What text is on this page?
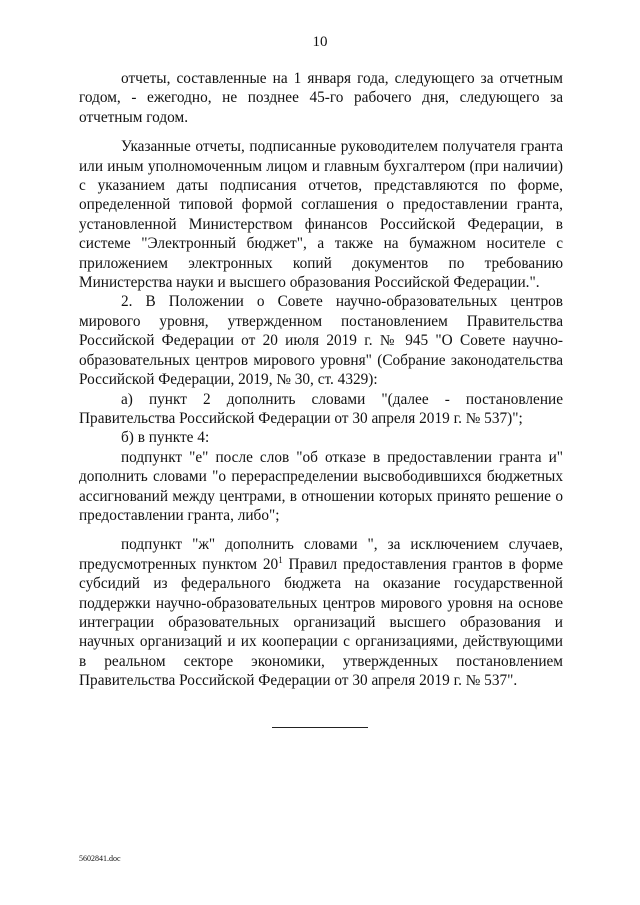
10

отчеты, составленные на 1 января года, следующего за отчетным годом, - ежегодно, не позднее 45-го рабочего дня, следующего за отчетным годом.

Указанные отчеты, подписанные руководителем получателя гранта или иным уполномоченным лицом и главным бухгалтером (при наличии) с указанием даты подписания отчетов, представляются по форме, определенной типовой формой соглашения о предоставлении гранта, установленной Министерством финансов Российской Федерации, в системе "Электронный бюджет", а также на бумажном носителе с приложением электронных копий документов по требованию Министерства науки и высшего образования Российской Федерации.".

2. В Положении о Совете научно-образовательных центров мирового уровня, утвержденном постановлением Правительства Российской Федерации от 20 июля 2019 г. № 945 "О Совете научно-образовательных центров мирового уровня" (Собрание законодательства Российской Федерации, 2019, № 30, ст. 4329):

а) пункт 2 дополнить словами "(далее - постановление Правительства Российской Федерации от 30 апреля 2019 г. № 537)";

б) в пункте 4:

подпункт "е" после слов "об отказе в предоставлении гранта и" дополнить словами "о перераспределении высвободившихся бюджетных ассигнований между центрами, в отношении которых принято решение о предоставлении гранта, либо";

подпункт "ж" дополнить словами ", за исключением случаев, предусмотренных пунктом $20^1$ Правил предоставления грантов в форме субсидий из федерального бюджета на оказание государственной поддержки научно-образовательных центров мирового уровня на основе интеграции образовательных организаций высшего образования и научных организаций и их кооперации с организациями, действующими в реальном секторе экономики, утвержденных постановлением Правительства Российской Федерации от 30 апреля 2019 г. № 537".

5602841.doc
